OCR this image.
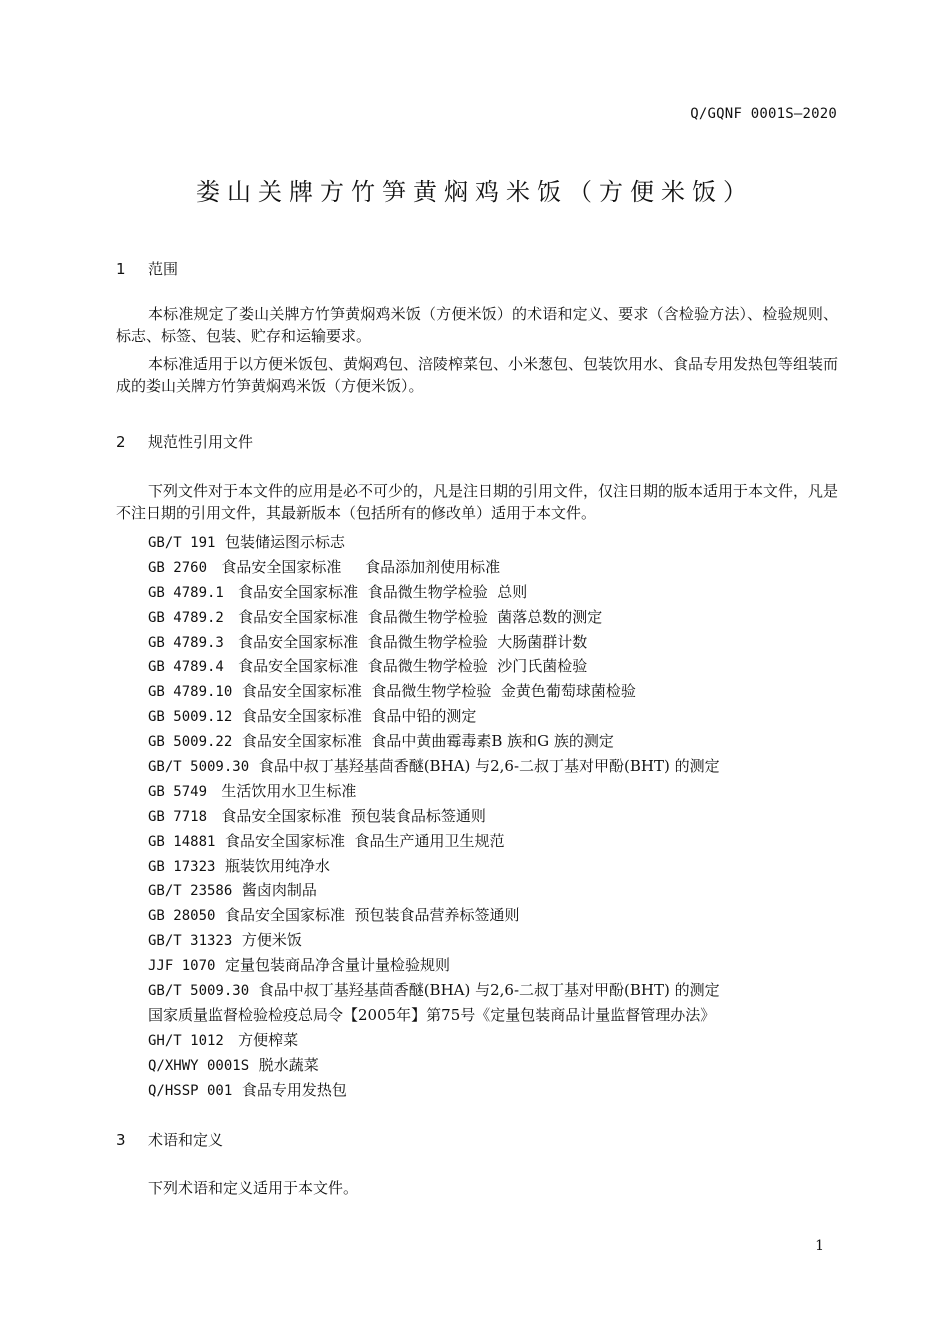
Q/GQNF 0001S—2020
娄山关牌方竹笋黄焖鸡米饭（方便米饭）
1 范围

本标准规定了娄山关牌方竹笋黄焖鸡米饭（方便米饭）的术语和定义、要求（含检验方法）、检验规则、标志、标签、包装、贮存和运输要求。

本标准适用于以方便米饭包、黄焖鸡包、涪陵榨菜包、小米葱包、包装饮用水、食品专用发热包等组装而成的娄山关牌方竹笋黄焖鸡米饭（方便米饭）。

2 规范性引用文件

下列文件对于本文件的应用是必不可少的，凡是注日期的引用文件，仅注日期的版本适用于本文件，凡是不注日期的引用文件，其最新版本（包括所有的修改单）适用于本文件。

GB/T 191 包装储运图示标志
GB 2760 食品安全国家标准     食品添加剂使用标准
GB 4789.1 食品安全国家标准  食品微生物学检验  总则
GB 4789.2 食品安全国家标准  食品微生物学检验  菌落总数的测定
GB 4789.3 食品安全国家标准  食品微生物学检验  大肠菌群计数
GB 4789.4 食品安全国家标准  食品微生物学检验  沙门氏菌检验
GB 4789.10 食品安全国家标准  食品微生物学检验  金黄色葡萄球菌检验
GB 5009.12 食品安全国家标准  食品中铅的测定
GB 5009.22 食品安全国家标准  食品中黄曲霉毒素B 族和G 族的测定
GB/T 5009.30 食品中叔丁基羟基茴香醚(BHA) 与2,6-二叔丁基对甲酚(BHT) 的测定
GB 5749 生活饮用水卫生标准
GB 7718 食品安全国家标准  预包装食品标签通则
GB 14881 食品安全国家标准  食品生产通用卫生规范
GB 17323 瓶装饮用纯净水
GB/T 23586 酱卤肉制品
GB 28050 食品安全国家标准  预包装食品营养标签通则
GB/T 31323 方便米饭
JJF 1070 定量包装商品净含量计量检验规则
GB/T 5009.30 食品中叔丁基羟基茴香醚(BHA) 与2,6-二叔丁基对甲酚(BHT) 的测定
国家质量监督检验检疫总局令【2005年】第75号《定量包装商品计量监督管理办法》
GH/T 1012 方便榨菜
Q/XHWY 0001S 脱水蔬菜
Q/HSSP 001 食品专用发热包
3 术语和定义

下列术语和定义适用于本文件。

1
